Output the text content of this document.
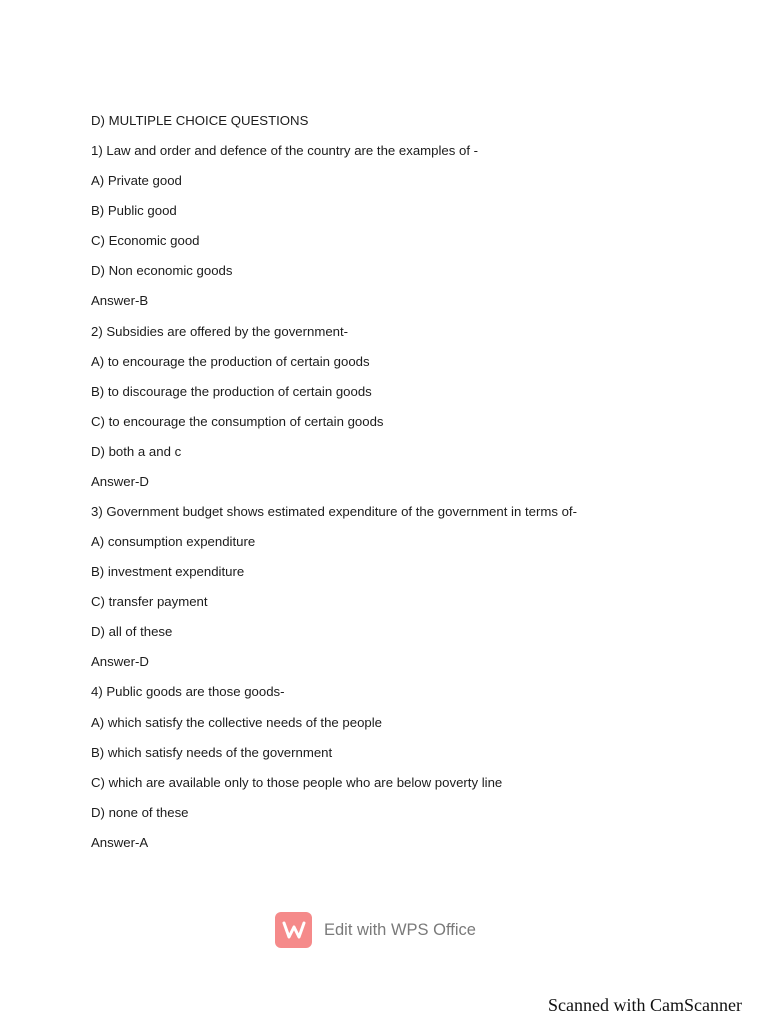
D) MULTIPLE CHOICE QUESTIONS
1) Law and order and defence of the country are the examples of -
A) Private good
B) Public good
C) Economic good
D) Non economic goods
Answer-B
2) Subsidies are offered by the government-
A) to encourage the production of certain goods
B) to discourage the production of certain goods
C) to encourage the consumption of certain goods
D) both a and c
Answer-D
3) Government budget shows estimated expenditure of the government in terms of-
A) consumption expenditure
B) investment expenditure
C) transfer payment
D) all of these
Answer-D
4) Public goods are those goods-
A) which satisfy the collective needs of the people
B) which satisfy needs of the government
C) which are available only to those people who are below poverty line
D) none of these
Answer-A
Edit with WPS Office
Scanned with CamScanner
